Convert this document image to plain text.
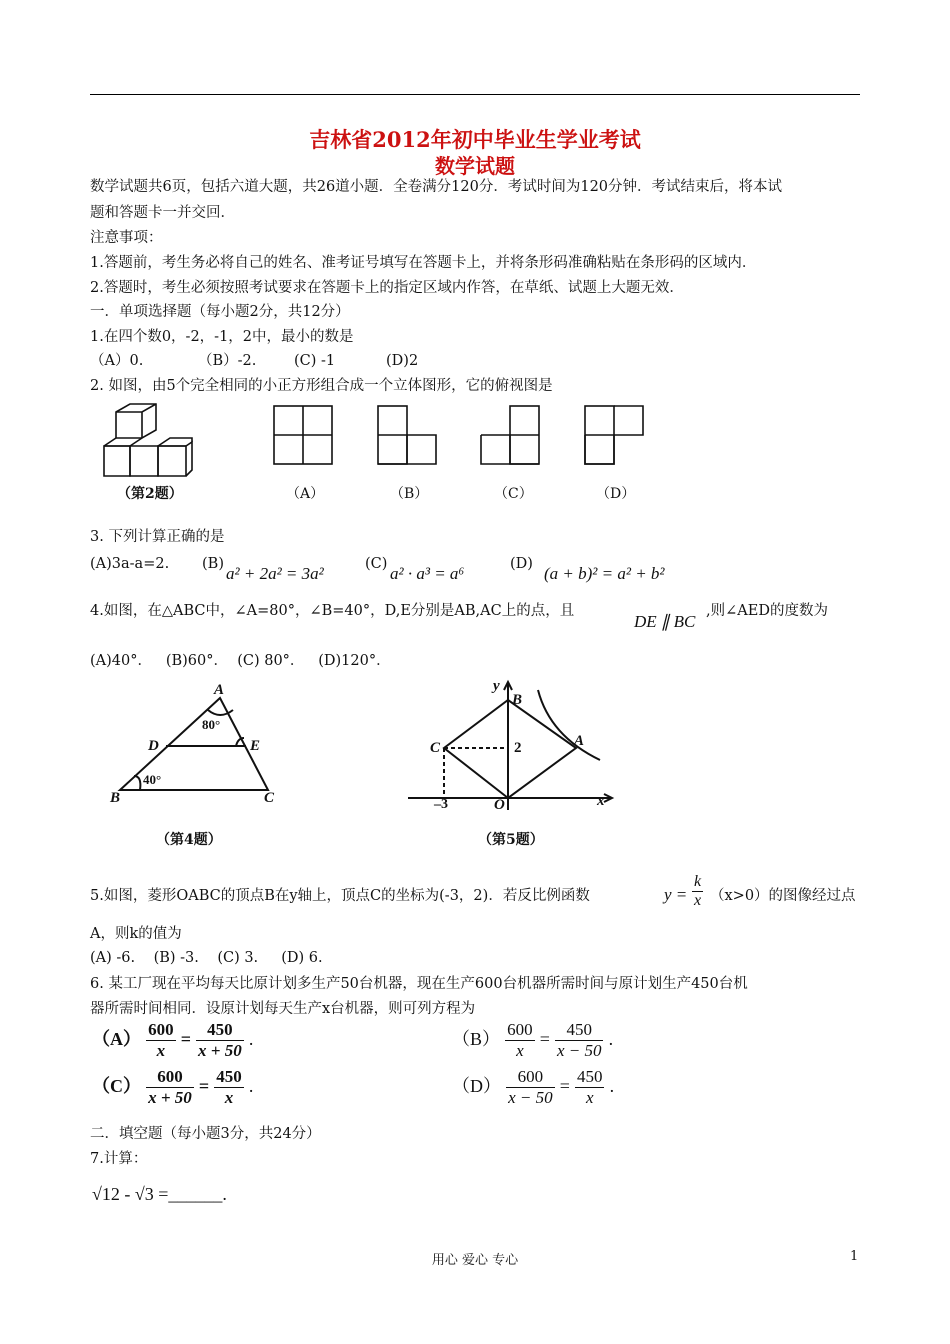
吉林省2012年初中毕业生学业考试
数学试题
数学试题共6页，包括六道大题，共26道小题．全卷满分120分．考试时间为120分钟．考试结束后，将本试
题和答题卡一并交回．
注意事项：
1.答题前，考生务必将自己的姓名、准考证号填写在答题卡上，并将条形码准确粘贴在条形码的区域内．
2.答题时，考生必须按照考试要求在答题卡上的指定区域内作答，在草纸、试题上大题无效．
一．单项选择题（每小题2分，共12分）
1.在四个数0，-2，-1，2中，最小的数是
（A）0.	（B）-2.	(C) -1	(D)2
2. 如图，由5个完全相同的小正方形组合成一个立体图形，它的俯视图是
（第2题）	（A）	（B）	（C）	（D）
3. 下列计算正确的是
(A)3a-a=2. (B) a² + 2a² = 3a²	(C) a² · a³ = a⁶	(D) (a + b)² = a² + b²
4.如图，在△ABC中，∠A=80°，∠B=40°，D,E分别是AB,AC上的点，且
DE ∥ BC
,则∠AED的度数为
(A)40°．   (B)60°．  (C) 80°．   (D)120°．
A
80°
D	E
40°
B	C
（第4题）
y
B
C	2	A
–3	O	x
（第5题）
5.如图，菱形OABC的顶点B在y轴上，顶点C的坐标为(-3，2)．若反比例函数	$y = \frac{k}{x} (x>0)$的图像经过点
A，则k的值为
(A) -6.    (B) -3.    (C) 3.     (D) 6.
6. 某工厂现在平均每天比原计划多生产50台机器，现在生产600台机器所需时间与原计划生产450台机
器所需时间相同．设原计划每天生产x台机器，则可列方程为
$(A) \frac{600}{x} = \frac{450}{x + 50}$ .	$(B) \frac{600}{x} = \frac{450}{x - 50}$ .
$(C) \frac{600}{x + 50} = \frac{450}{x}$ .	$(D) \frac{600}{x - 50} = \frac{450}{x}$ .
二．填空题（每小题3分，共24分）
7.计算：
√12 - √3 =______.
用心 爱心 专心	1
